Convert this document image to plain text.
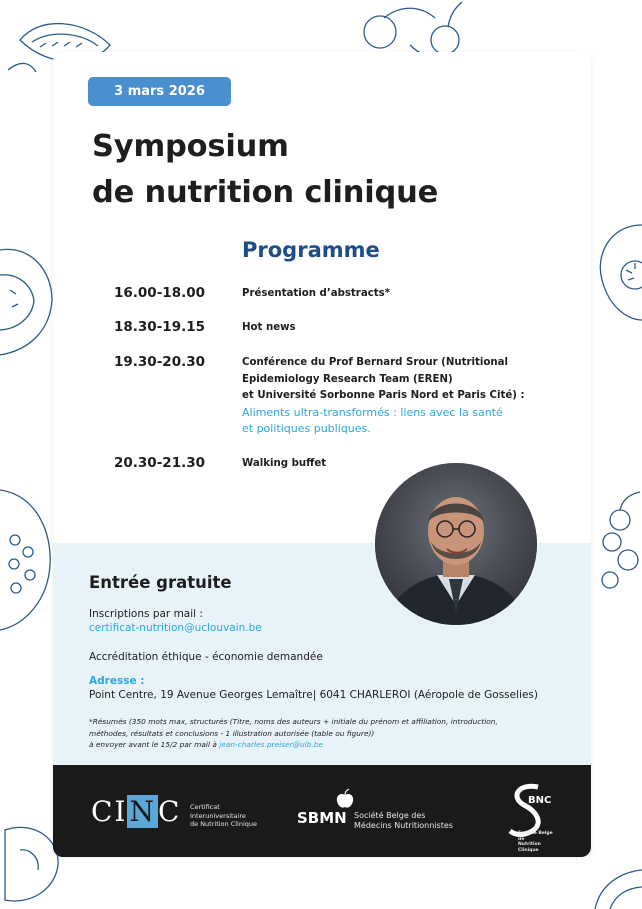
3 mars 2026
Symposium
de nutrition clinique
Programme
16.00-18.00	Présentation d’abstracts*
18.30-19.15	Hot news
19.30-20.30	Conférence du Prof Bernard Srour (Nutritional
Epidemiology Research Team (EREN)
et Université Sorbonne Paris Nord et Paris Cité) :
Aliments ultra-transformés : liens avec la santé
et politiques publiques.
20.30-21.30	Walking buffet
Entrée gratuite
Inscriptions par mail :
certificat-nutrition@uclouvain.be
Accréditation éthique - économie demandée
Adresse :
Point Centre, 19 Avenue Georges Lemaître| 6041 CHARLEROI (Aéropole de Gosselies)
*Résumés (350 mots max, structurés (Titre, noms des auteurs + initiale du prénom et affiliation, introduction,
méthodes, résultats et conclusions - 1 illustration autorisée (table ou figure))
à envoyer avant le 15/2 par mail à jean-charles.preiser@ulb.be
CINC Certificat
Interuniversitaire
de Nutrition Clinique	SBMN Société Belge des
Médecins Nutritionnistes
BNC
Société Belge de
Nutrition Clinique
